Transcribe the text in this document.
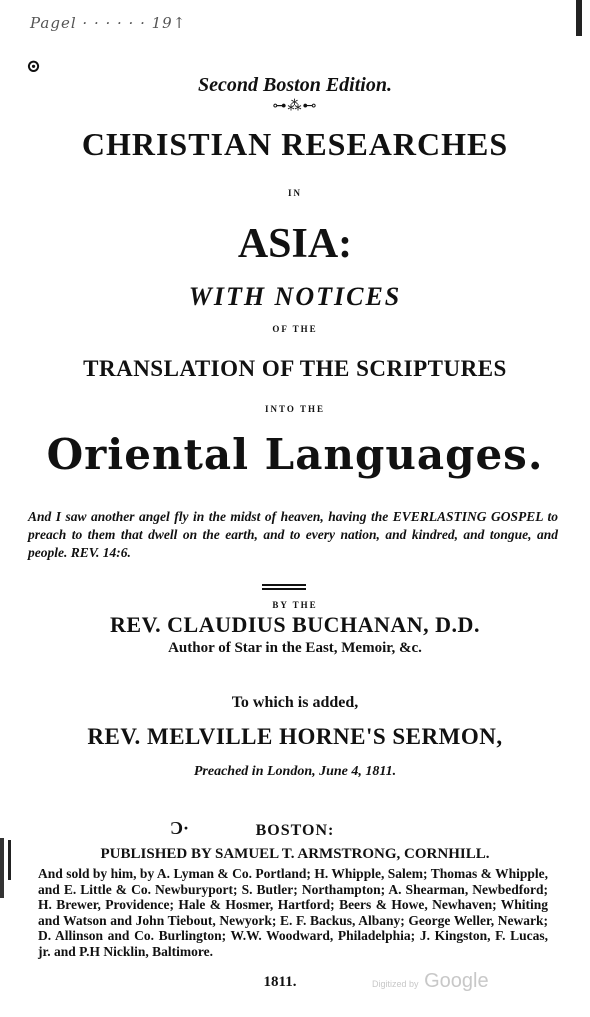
Pagel · · · · · · 19↑
⊙
Second Boston Edition.
⊶⁂⊷
CHRISTIAN RESEARCHES
IN
ASIA:
WITH NOTICES
OF THE
TRANSLATION OF THE SCRIPTURES
INTO THE
Oriental Languages.
And I saw another angel fly in the midst of heaven, having the EVERLASTING GOSPEL to preach to them that dwell on the earth, and to every nation, and kindred, and tongue, and people. REV. 14:6.
BY THE
REV. CLAUDIUS BUCHANAN, D.D.
Author of Star in the East, Memoir, &c.
To which is added,
REV. MELVILLE HORNE'S SERMON,
Preached in London, June 4, 1811.
Ɔ·	BOSTON:
PUBLISHED BY SAMUEL T. ARMSTRONG, CORNHILL.
And sold by him, by A. Lyman & Co. Portland; H. Whipple, Salem; Thomas & Whipple, and E. Little & Co. Newburyport; S. Butler; Northampton; A. Shearman, Newbedford; H. Brewer, Providence; Hale & Hosmer, Hartford; Beers & Howe, Newhaven; Whiting and Watson and John Tiebout, Newyork; E. F. Backus, Albany; George Weller, Newark; D. Allinson and Co. Burlington; W.W. Woodward, Philadelphia; J. Kingston, F. Lucas, jr. and P.H Nicklin, Baltimore.
1811.	Digitized by Google
